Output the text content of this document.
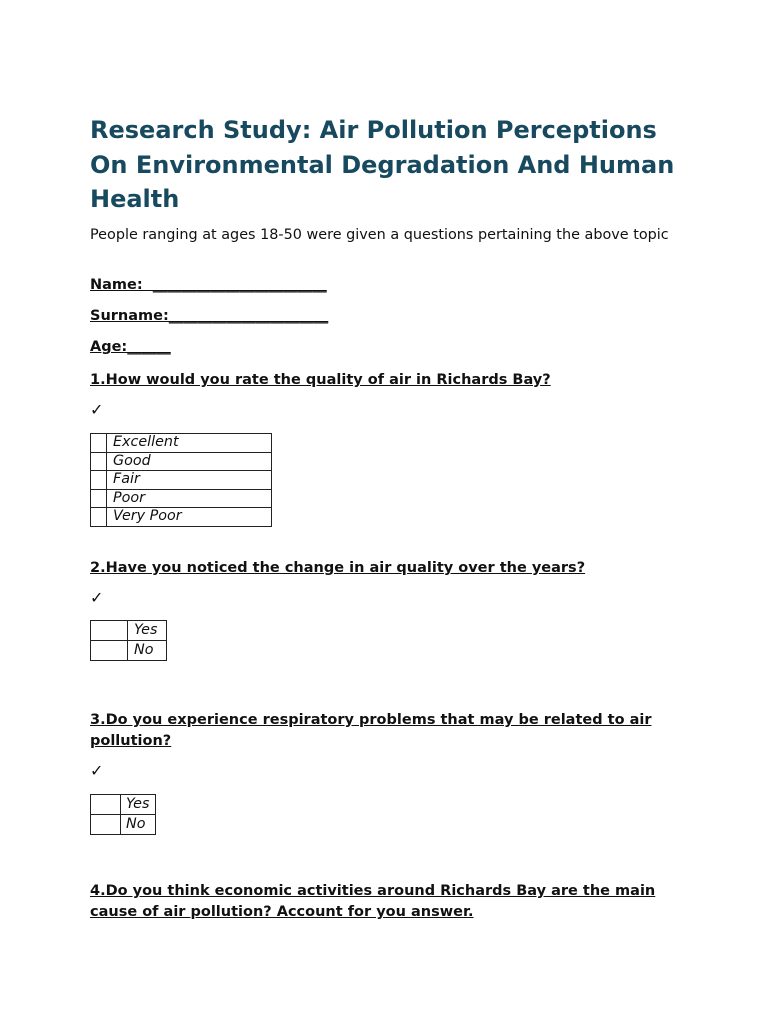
Research Study: Air Pollution Perceptions On Environmental Degradation And Human Health

People ranging at ages 18-50 were given a questions pertaining the above topic

Name:  ________________________
Surname:______________________
Age:______
1.How would you rate the quality of air in Richards Bay?
✓
	Excellent
	Good
	Fair
	Poor
	Very Poor
2.Have you noticed the change in air quality over the years?
✓
	Yes
	No
3.Do you experience respiratory problems that may be related to air pollution?
✓
	Yes
	No
4.Do you think economic activities around Richards Bay are the main cause of air pollution? Account for you answer.
